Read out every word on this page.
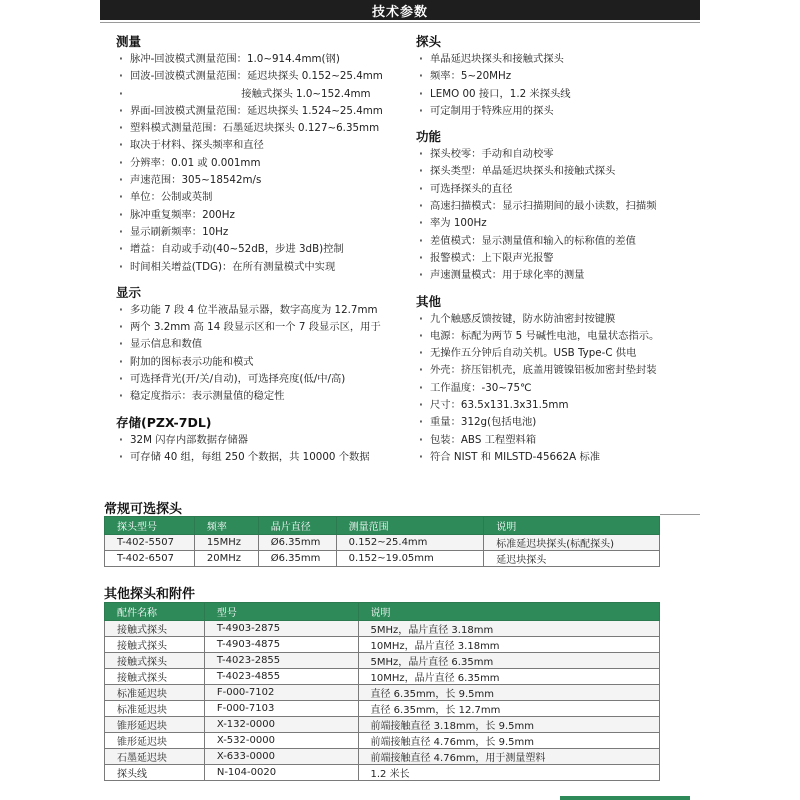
技术参数
测量
· 脉冲-回波模式测量范围：1.0~914.4mm(钢)
· 回波-回波模式测量范围：延迟块探头 0.152~25.4mm
·                                   接触式探头 1.0~152.4mm
· 界面-回波模式测量范围：延迟块探头 1.524~25.4mm
· 塑料模式测量范围：石墨延迟块探头 0.127~6.35mm
· 取决于材料、探头频率和直径
· 分辨率：0.01 或 0.001mm
· 声速范围：305~18542m/s
· 单位：公制或英制
· 脉冲重复频率：200Hz
· 显示刷新频率：10Hz
· 增益：自动或手动(40~52dB，步进 3dB)控制
· 时间相关增益(TDG)：在所有测量模式中实现
显示
· 多功能 7 段 4 位半液晶显示器，数字高度为 12.7mm
· 两个 3.2mm 高 14 段显示区和一个 7 段显示区，用于
· 显示信息和数值
· 附加的图标表示功能和模式
· 可选择背光(开/关/自动)，可选择亮度(低/中/高)
· 稳定度指示：表示测量值的稳定性
存储(PZX-7DL)
· 32M 闪存内部数据存储器
· 可存储 40 组，每组 250 个数据，共 10000 个数据
探头
· 单晶延迟块探头和接触式探头
· 频率：5~20MHz
· LEMO 00 接口，1.2 米探头线
· 可定制用于特殊应用的探头
功能
· 探头校零：手动和自动校零
· 探头类型：单晶延迟块探头和接触式探头
· 可选择探头的直径
· 高速扫描模式：显示扫描期间的最小读数，扫描频
· 率为 100Hz
· 差值模式：显示测量值和输入的标称值的差值
· 报警模式：上下限声光报警
· 声速测量模式：用于球化率的测量
其他
· 九个触感反馈按键，防水防油密封按键膜
· 电源：标配为两节 5 号碱性电池，电量状态指示。
· 无操作五分钟后自动关机。USB Type-C 供电
· 外壳：挤压铝机壳，底盖用镀镍铝板加密封垫封装
· 工作温度：-30~75℃
· 尺寸：63.5x131.3x31.5mm
· 重量：312g(包括电池)
· 包装：ABS 工程塑料箱
· 符合 NIST 和 MILSTD-45662A 标准
常规可选探头
探头型号	频率	晶片直径	测量范围	说明
T-402-5507	15MHz	Ø6.35mm	0.152~25.4mm	标准延迟块探头(标配探头)
T-402-6507	20MHz	Ø6.35mm	0.152~19.05mm	延迟块探头
其他探头和附件
配件名称	型号	说明
接触式探头	T-4903-2875	5MHz，晶片直径 3.18mm
接触式探头	T-4903-4875	10MHz，晶片直径 3.18mm
接触式探头	T-4023-2855	5MHz，晶片直径 6.35mm
接触式探头	T-4023-4855	10MHz，晶片直径 6.35mm
标准延迟块	F-000-7102	直径 6.35mm，长 9.5mm
标准延迟块	F-000-7103	直径 6.35mm，长 12.7mm
锥形延迟块	X-132-0000	前端接触直径 3.18mm，长 9.5mm
锥形延迟块	X-532-0000	前端接触直径 4.76mm，长 9.5mm
石墨延迟块	X-633-0000	前端接触直径 4.76mm，用于测量塑料
探头线	N-104-0020	1.2 米长
